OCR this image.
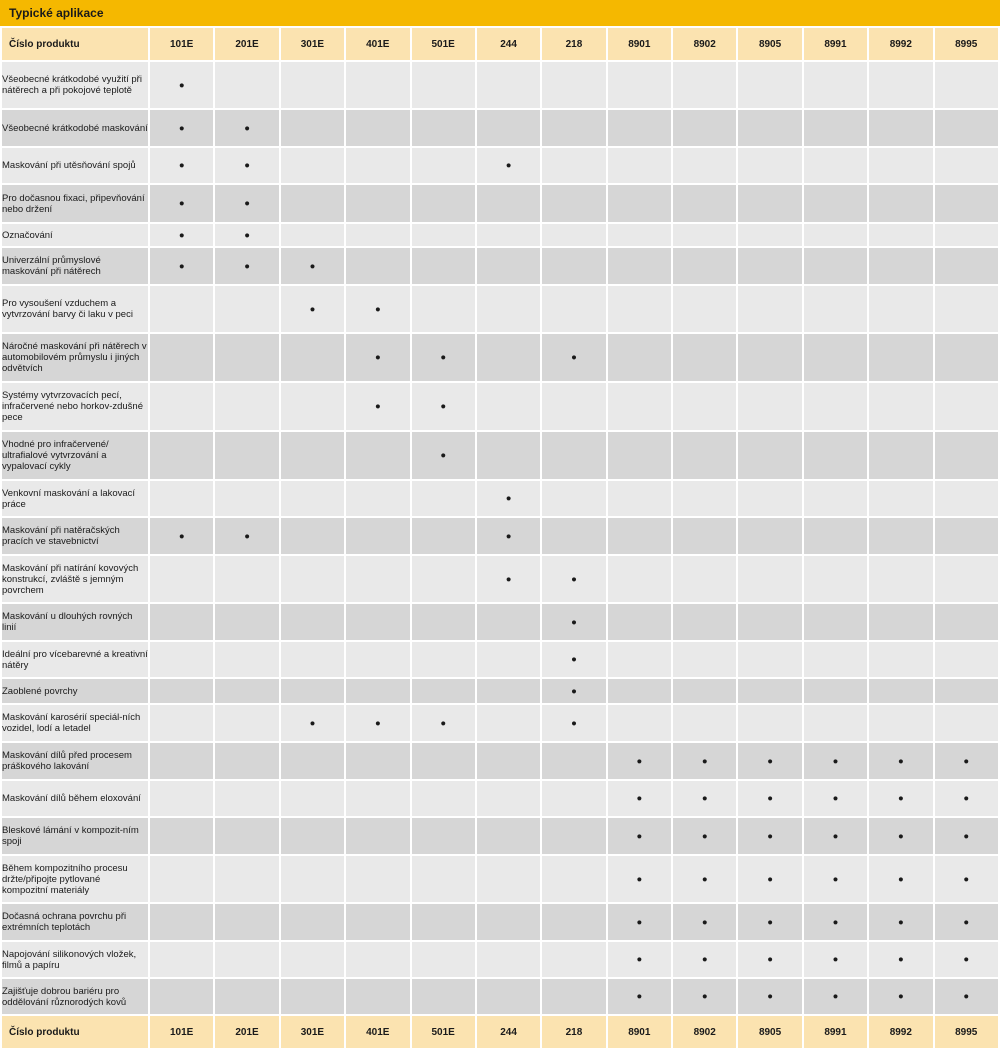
Typické aplikace
Číslo produktu	101E	201E	301E	401E	501E	244	218	8901	8902	8905	8991	8992	8995
Všeobecné krátkodobé využití při nátěrech a při pokojové teplotě	●												
Všeobecné krátkodobé maskování	●	●											
Maskování při utěsňování spojů	●	●				●							
Pro dočasnou fixaci, připevňování nebo držení	●	●											
Označování	●	●											
Univerzální průmyslové maskování při nátěrech	●	●	●										
Pro vysoušení vzduchem a vytvrzování barvy či laku v peci			●	●									
Náročné maskování při nátěrech v automobilovém průmyslu i jiných odvětvích				●	●		●						
Systémy vytvrzovacích pecí, infračervené nebo horkov-zdušné pece				●	●								
Vhodné pro infračervené/ ultrafialové vytvrzování a vypalovací cykly					●								
Venkovní maskování a lakovací práce						●							
Maskování při natěračských pracích ve stavebnictví	●	●				●							
Maskování při natírání kovových konstrukcí, zvláště s jemným povrchem						●	●						
Maskování u dlouhých rovných linií							●						
Ideální pro vícebarevné a kreativní nátěry							●						
Zaoblené povrchy							●						
Maskování karosérií speciál-ních vozidel, lodí a letadel			●	●	●		●						
Maskování dílů před procesem práškového lakování								●	●	●	●	●	●
Maskování dílů během eloxování								●	●	●	●	●	●
Bleskové lámání v kompozit-ním spoji								●	●	●	●	●	●
Během kompozitního procesu držte/připojte pytlované kompozitní materiály								●	●	●	●	●	●
Dočasná ochrana povrchu při extrémních teplotách								●	●	●	●	●	●
Napojování silikonových vložek, filmů a papíru								●	●	●	●	●	●
Zajišťuje dobrou bariéru pro oddělování různorodých kovů								●	●	●	●	●	●
Číslo produktu	101E	201E	301E	401E	501E	244	218	8901	8902	8905	8991	8992	8995
